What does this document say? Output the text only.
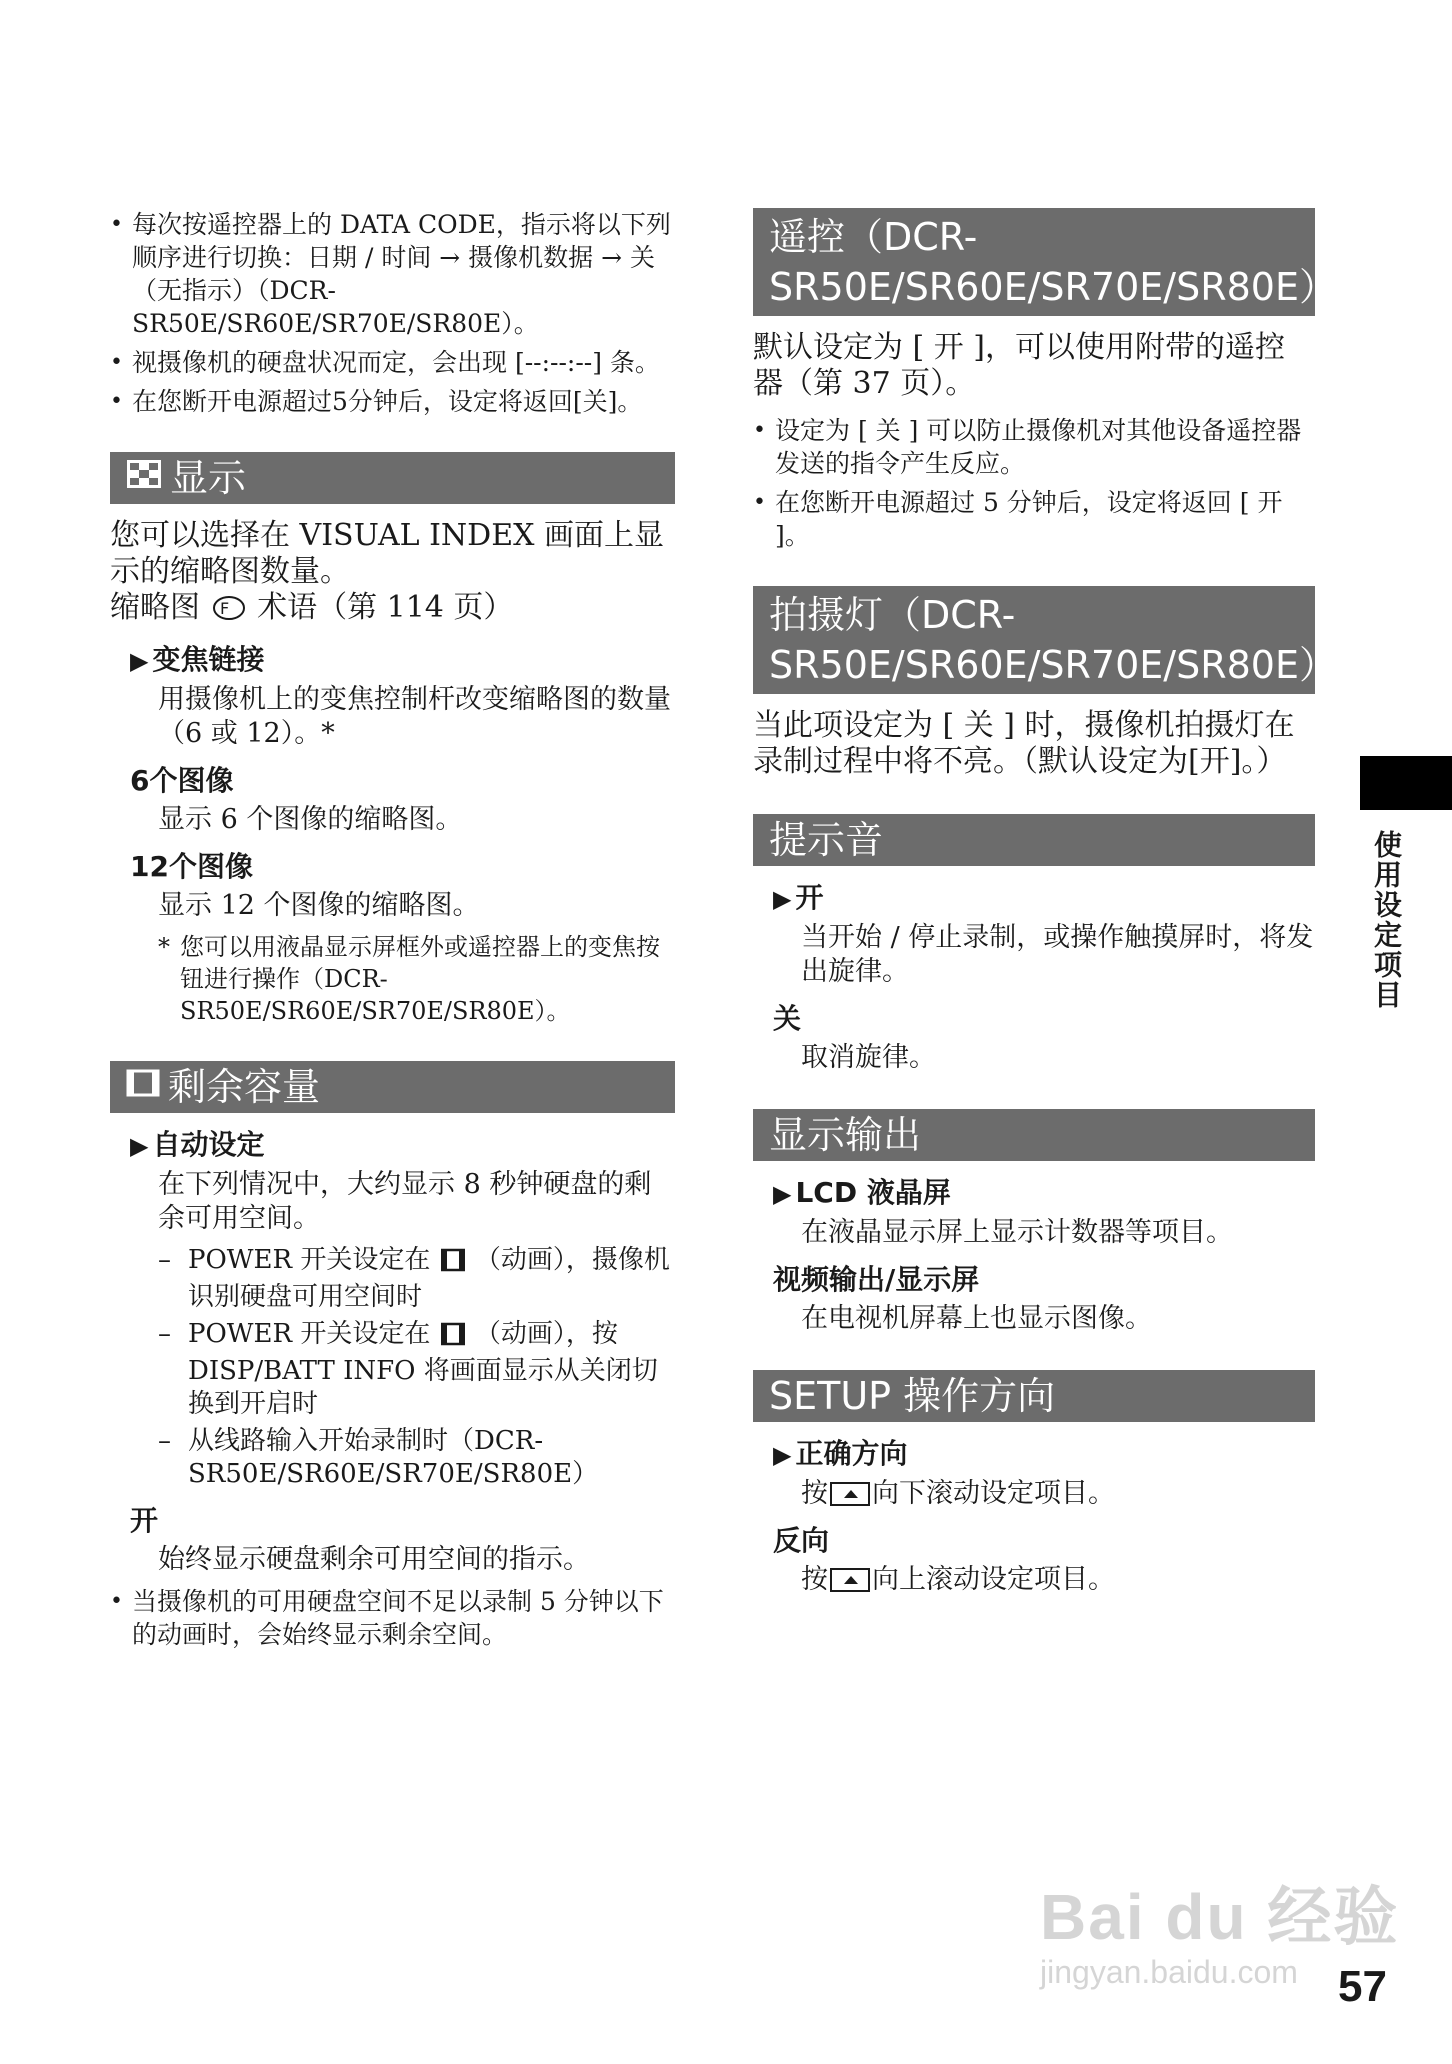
• 每次按遥控器上的 DATA CODE，指示将以下列顺序进行切换：日期 / 时间 → 摄像机数据 → 关（无指示）（DCR-SR50E/SR60E/SR70E/SR80E）。
• 视摄像机的硬盘状况而定，会出现 [--:--:--] 条。
• 在您断开电源超过5分钟后，设定将返回[关]。
显示

您可以选择在 VISUAL INDEX 画面上显示的缩略图数量。

缩略图 F 术语（第 114 页）

▶ 变焦链接

用摄像机上的变焦控制杆改变缩略图的数量（6 或 12）。*

6个图像

显示 6 个图像的缩略图。

12个图像

显示 12 个图像的缩略图。

* 您可以用液晶显示屏框外或遥控器上的变焦按钮进行操作（DCR-SR50E/SR60E/SR70E/SR80E）。

剩余容量
▶ 自动设定

在下列情况中，大约显示 8 秒钟硬盘的剩余可用空间。

– POWER 开关设定在 （动画），摄像机识别硬盘可用空间时
– POWER 开关设定在 （动画），按 DISP/BATT INFO 将画面显示从关闭切换到开启时
– 从线路输入开始录制时（DCR-SR50E/SR60E/SR70E/SR80E）
开

始终显示硬盘剩余可用空间的指示。

• 当摄像机的可用硬盘空间不足以录制 5 分钟以下的动画时，会始终显示剩余空间。
遥控（DCR-SR50E/SR60E/SR70E/SR80E）

默认设定为 [ 开 ]，可以使用附带的遥控器（第 37 页）。

• 设定为 [ 关 ] 可以防止摄像机对其他设备遥控器发送的指令产生反应。
• 在您断开电源超过 5 分钟后，设定将返回 [ 开 ]。
拍摄灯（DCR-SR50E/SR60E/SR70E/SR80E）

当此项设定为 [ 关 ] 时，摄像机拍摄灯在录制过程中将不亮。（默认设定为[开]。）

提示音
▶ 开

当开始 / 停止录制，或操作触摸屏时，将发出旋律。

关

取消旋律。

显示输出
▶ LCD 液晶屏

在液晶显示屏上显示计数器等项目。

视频输出/显示屏

在电视机屏幕上也显示图像。

SETUP 操作方向
▶ 正确方向

按 向下滚动设定项目。

反向

按 向上滚动设定项目。

使用设定项目
Bai du 经验
jingyan.baidu.com 57
